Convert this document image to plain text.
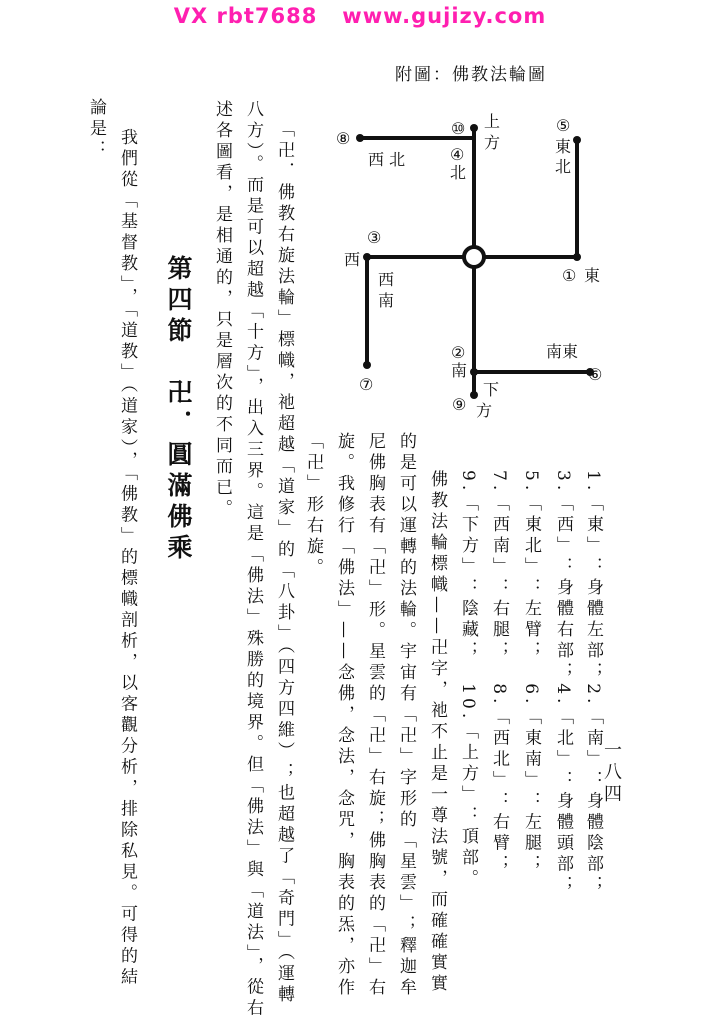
VX rbt7688   www.gujizy.com
附圖：佛教法輪圖
⑧
⑩
④
⑤
③
①
②
⑥
⑦
⑨
上
方
北
西 北
東
北
東
西
西
南
南東
南
下
方
一八四
1.「東」：身體左部；2.「南」：身體陰部；
3.「西」：身體右部；4.「北」：身體頭部；
5.「東北」：左臂；　6.「東南」：左腿；
7.「西南」：右腿；　8.「西北」：右臂；
9.「下方」：陰藏；　10.「上方」：頂部。
佛教法輪標幟——卍字，祂不止是一尊法號，而確確實實
的是可以運轉的法輪。宇宙有「卍」字形的「星雲」；釋迦牟
尼佛胸表有「卍」形。星雲的「卍」右旋；佛胸表的「卍」右
旋。我修行「佛法」——念佛，念法，念咒，胸表的炁，亦作
「卍」形右旋。
「卍．佛教右旋法輪」標幟，祂超越「道家」的「八卦」（四方四維）；也超越了「奇門」（運轉
八方）。而是可以超越「十方」，出入三界。這是「佛法」殊勝的境界。但「佛法」與「道法」，從右
述各圖看，是相通的，只是層次的不同而已。
第四節　卍．圓滿佛乘
我們從「基督教」，「道教」（道家），「佛教」的標幟剖析，以客觀分析，排除私見。可得的結
論是：
